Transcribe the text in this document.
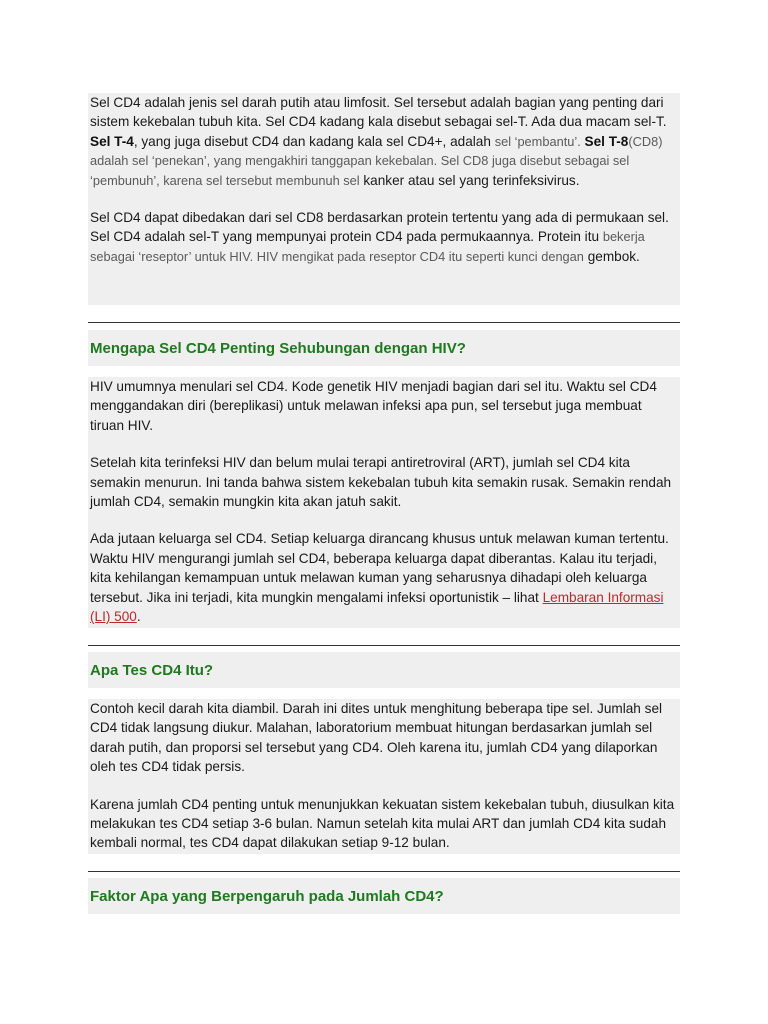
Sel CD4 adalah jenis sel darah putih atau limfosit. Sel tersebut adalah bagian yang penting dari sistem kekebalan tubuh kita. Sel CD4 kadang kala disebut sebagai sel-T. Ada dua macam sel-T. Sel T-4, yang juga disebut CD4 dan kadang kala sel CD4+, adalah sel ‘pembantu’. Sel T-8(CD8) adalah sel ‘penekan’, yang mengakhiri tanggapan kekebalan. Sel CD8 juga disebut sebagai sel ‘pembunuh’, karena sel tersebut membunuh sel kanker atau sel yang terinfeksivirus.

Sel CD4 dapat dibedakan dari sel CD8 berdasarkan protein tertentu yang ada di permukaan sel. Sel CD4 adalah sel-T yang mempunyai protein CD4 pada permukaannya. Protein itu bekerja sebagai ‘reseptor’ untuk HIV. HIV mengikat pada reseptor CD4 itu seperti kunci dengan gembok.

Mengapa Sel CD4 Penting Sehubungan dengan HIV?

HIV umumnya menulari sel CD4. Kode genetik HIV menjadi bagian dari sel itu. Waktu sel CD4 menggandakan diri (bereplikasi) untuk melawan infeksi apa pun, sel tersebut juga membuat tiruan HIV.

Setelah kita terinfeksi HIV dan belum mulai terapi antiretroviral (ART), jumlah sel CD4 kita semakin menurun. Ini tanda bahwa sistem kekebalan tubuh kita semakin rusak. Semakin rendah jumlah CD4, semakin mungkin kita akan jatuh sakit.

Ada jutaan keluarga sel CD4. Setiap keluarga dirancang khusus untuk melawan kuman tertentu. Waktu HIV mengurangi jumlah sel CD4, beberapa keluarga dapat diberantas. Kalau itu terjadi, kita kehilangan kemampuan untuk melawan kuman yang seharusnya dihadapi oleh keluarga tersebut. Jika ini terjadi, kita mungkin mengalami infeksi oportunistik – lihat Lembaran Informasi (LI) 500.

Apa Tes CD4 Itu?

Contoh kecil darah kita diambil. Darah ini dites untuk menghitung beberapa tipe sel. Jumlah sel CD4 tidak langsung diukur. Malahan, laboratorium membuat hitungan berdasarkan jumlah sel darah putih, dan proporsi sel tersebut yang CD4. Oleh karena itu, jumlah CD4 yang dilaporkan oleh tes CD4 tidak persis.

Karena jumlah CD4 penting untuk menunjukkan kekuatan sistem kekebalan tubuh, diusulkan kita melakukan tes CD4 setiap 3-6 bulan. Namun setelah kita mulai ART dan jumlah CD4 kita sudah kembali normal, tes CD4 dapat dilakukan setiap 9-12 bulan.

Faktor Apa yang Berpengaruh pada Jumlah CD4?
